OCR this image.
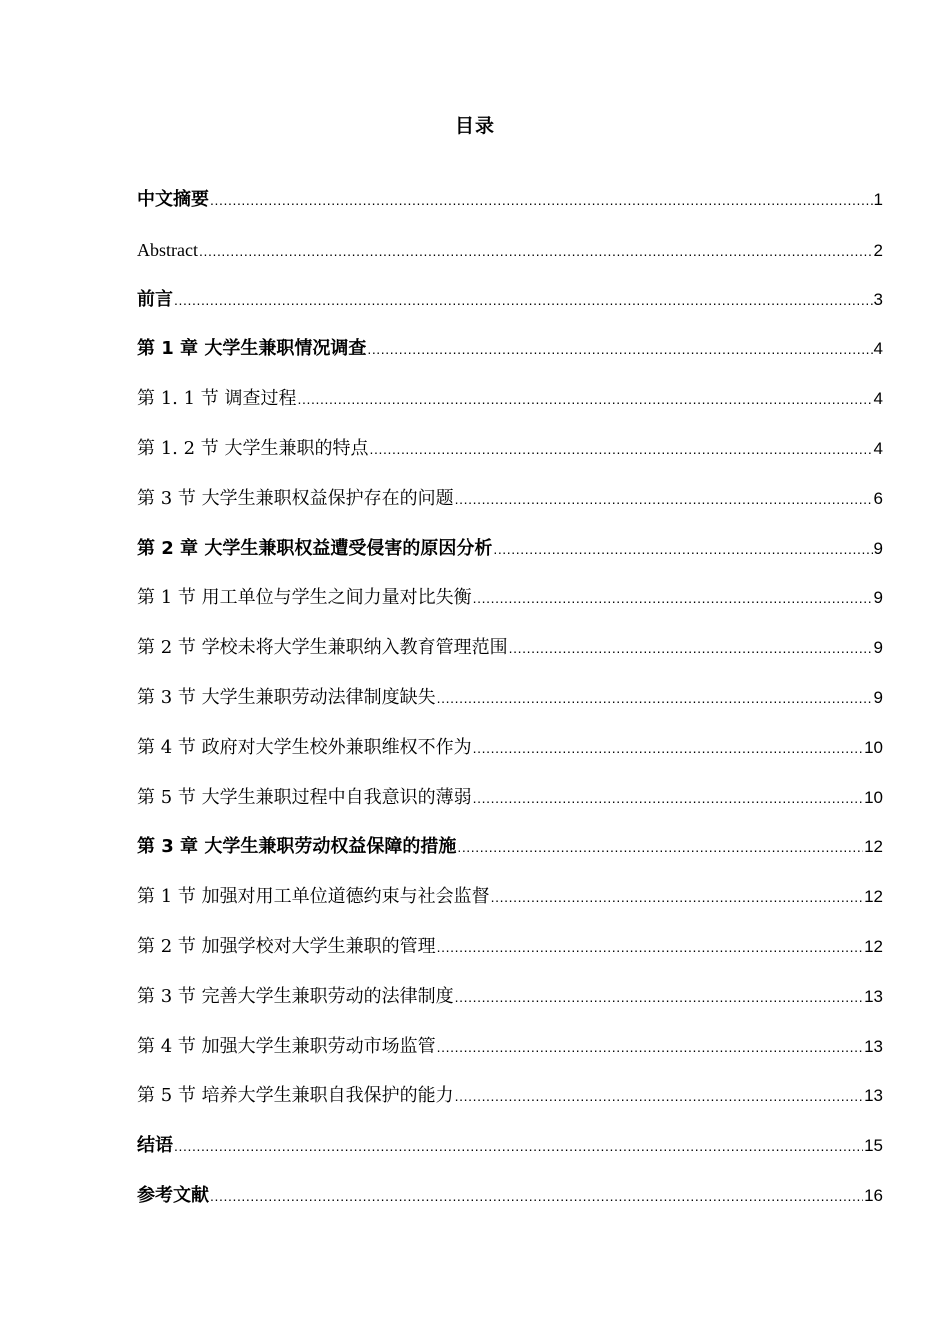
目录
中文摘要 .....	1
Abstract .....	2
前言 .....	3
第 1 章 大学生兼职情况调查 .....	4
第 1. 1 节 调查过程 .....	4
第 1. 2 节 大学生兼职的特点 .....	4
第 3 节 大学生兼职权益保护存在的问题 .....	6
第 2 章 大学生兼职权益遭受侵害的原因分析 .....	9
第 1 节 用工单位与学生之间力量对比失衡 .....	9
第 2 节 学校未将大学生兼职纳入教育管理范围 .....	9
第 3 节 大学生兼职劳动法律制度缺失 .....	9
第 4 节 政府对大学生校外兼职维权不作为 .....	10
第 5 节 大学生兼职过程中自我意识的薄弱 .....	10
第 3 章 大学生兼职劳动权益保障的措施 .....	12
第 1 节 加强对用工单位道德约束与社会监督 .....	12
第 2 节 加强学校对大学生兼职的管理 .....	12
第 3 节 完善大学生兼职劳动的法律制度 .....	13
第 4 节 加强大学生兼职劳动市场监管 .....	13
第 5 节 培养大学生兼职自我保护的能力 .....	13
结语 .....	15
参考文献 .....	16
